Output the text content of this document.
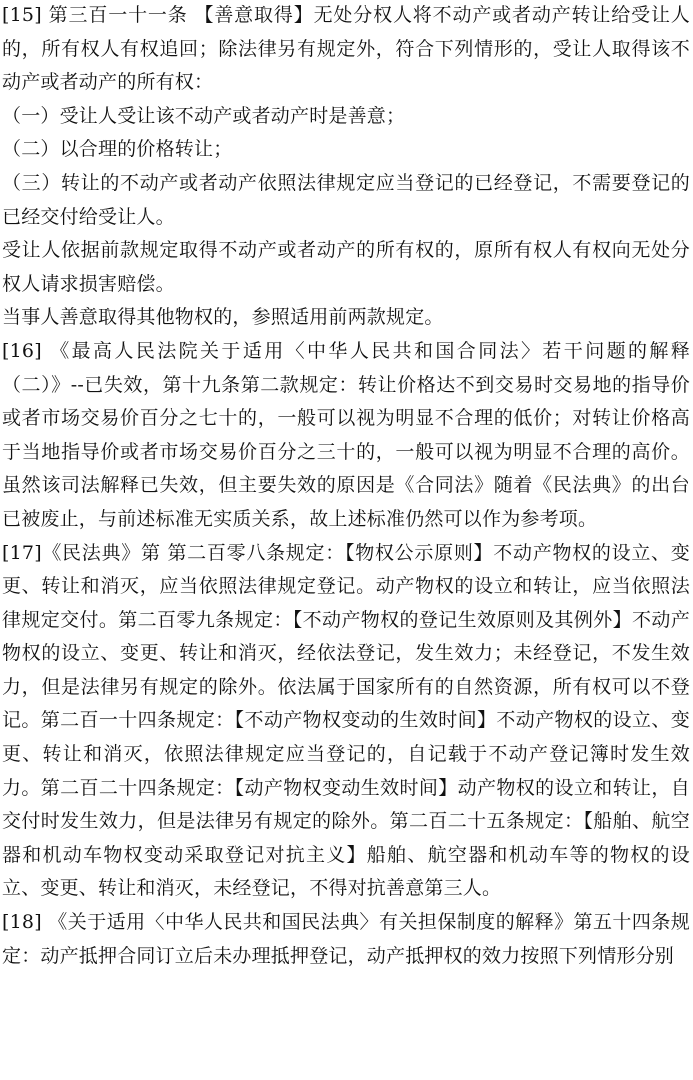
[15] 第三百一十一条 【善意取得】无处分权人将不动产或者动产转让给受让人的，所有权人有权追回；除法律另有规定外，符合下列情形的，受让人取得该不动产或者动产的所有权：

（一）受让人受让该不动产或者动产时是善意；

（二）以合理的价格转让；

（三）转让的不动产或者动产依照法律规定应当登记的已经登记，不需要登记的已经交付给受让人。

受让人依据前款规定取得不动产或者动产的所有权的，原所有权人有权向无处分权人请求损害赔偿。

当事人善意取得其他物权的，参照适用前两款规定。

[16] 《最高人民法院关于适用〈中华人民共和国合同法〉若干问题的解释（二）》--已失效，第十九条第二款规定：转让价格达不到交易时交易地的指导价或者市场交易价百分之七十的，一般可以视为明显不合理的低价；对转让价格高于当地指导价或者市场交易价百分之三十的，一般可以视为明显不合理的高价。虽然该司法解释已失效，但主要失效的原因是《合同法》随着《民法典》的出台已被废止，与前述标准无实质关系，故上述标准仍然可以作为参考项。

[17]《民法典》第 第二百零八条规定：【物权公示原则】不动产物权的设立、变更、转让和消灭，应当依照法律规定登记。动产物权的设立和转让，应当依照法律规定交付。第二百零九条规定：【不动产物权的登记生效原则及其例外】不动产物权的设立、变更、转让和消灭，经依法登记，发生效力；未经登记，不发生效力，但是法律另有规定的除外。依法属于国家所有的自然资源，所有权可以不登记。第二百一十四条规定：【不动产物权变动的生效时间】不动产物权的设立、变更、转让和消灭，依照法律规定应当登记的，自记载于不动产登记簿时发生效力。第二百二十四条规定：【动产物权变动生效时间】动产物权的设立和转让，自交付时发生效力，但是法律另有规定的除外。第二百二十五条规定：【船舶、航空器和机动车物权变动采取登记对抗主义】船舶、航空器和机动车等的物权的设立、变更、转让和消灭，未经登记，不得对抗善意第三人。

[18] 《关于适用〈中华人民共和国民法典〉有关担保制度的解释》第五十四条规定：动产抵押合同订立后未办理抵押登记，动产抵押权的效力按照下列情形分别
